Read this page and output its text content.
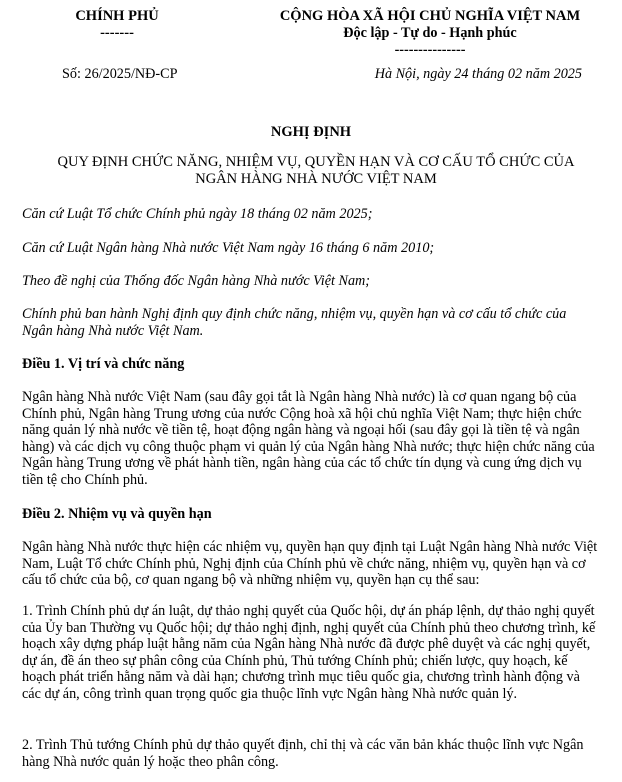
CHÍNH PHỦ
-------
CỘNG HÒA XÃ HỘI CHỦ NGHĨA VIỆT NAM
Độc lập - Tự do - Hạnh phúc
---------------
Số: 26/2025/NĐ-CP	Hà Nội, ngày 24 tháng 02 năm 2025
NGHỊ ĐỊNH
QUY ĐỊNH CHỨC NĂNG, NHIỆM VỤ, QUYỀN HẠN VÀ CƠ CẤU TỔ CHỨC CỦA NGÂN HÀNG NHÀ NƯỚC VIỆT NAM
Căn cứ Luật Tổ chức Chính phủ ngày 18 tháng 02 năm 2025;
Căn cứ Luật Ngân hàng Nhà nước Việt Nam ngày 16 tháng 6 năm 2010;
Theo đề nghị của Thống đốc Ngân hàng Nhà nước Việt Nam;
Chính phủ ban hành Nghị định quy định chức năng, nhiệm vụ, quyền hạn và cơ cấu tổ chức của Ngân hàng Nhà nước Việt Nam.
Điều 1. Vị trí và chức năng
Ngân hàng Nhà nước Việt Nam (sau đây gọi tắt là Ngân hàng Nhà nước) là cơ quan ngang bộ của Chính phủ, Ngân hàng Trung ương của nước Cộng hoà xã hội chủ nghĩa Việt Nam; thực hiện chức năng quản lý nhà nước về tiền tệ, hoạt động ngân hàng và ngoại hối (sau đây gọi là tiền tệ và ngân hàng) và các dịch vụ công thuộc phạm vi quản lý của Ngân hàng Nhà nước; thực hiện chức năng của Ngân hàng Trung ương về phát hành tiền, ngân hàng của các tổ chức tín dụng và cung ứng dịch vụ tiền tệ cho Chính phủ.
Điều 2. Nhiệm vụ và quyền hạn
Ngân hàng Nhà nước thực hiện các nhiệm vụ, quyền hạn quy định tại Luật Ngân hàng Nhà nước Việt Nam, Luật Tổ chức Chính phủ, Nghị định của Chính phủ về chức năng, nhiệm vụ, quyền hạn và cơ cấu tổ chức của bộ, cơ quan ngang bộ và những nhiệm vụ, quyền hạn cụ thể sau:
1. Trình Chính phủ dự án luật, dự thảo nghị quyết của Quốc hội, dự án pháp lệnh, dự thảo nghị quyết của Ủy ban Thường vụ Quốc hội; dự thảo nghị định, nghị quyết của Chính phủ theo chương trình, kế hoạch xây dựng pháp luật hằng năm của Ngân hàng Nhà nước đã được phê duyệt và các nghị quyết, dự án, đề án theo sự phân công của Chính phủ, Thủ tướng Chính phủ; chiến lược, quy hoạch, kế hoạch phát triển hằng năm và dài hạn; chương trình mục tiêu quốc gia, chương trình hành động và các dự án, công trình quan trọng quốc gia thuộc lĩnh vực Ngân hàng Nhà nước quản lý.
2. Trình Thủ tướng Chính phủ dự thảo quyết định, chỉ thị và các văn bản khác thuộc lĩnh vực Ngân hàng Nhà nước quản lý hoặc theo phân công.
